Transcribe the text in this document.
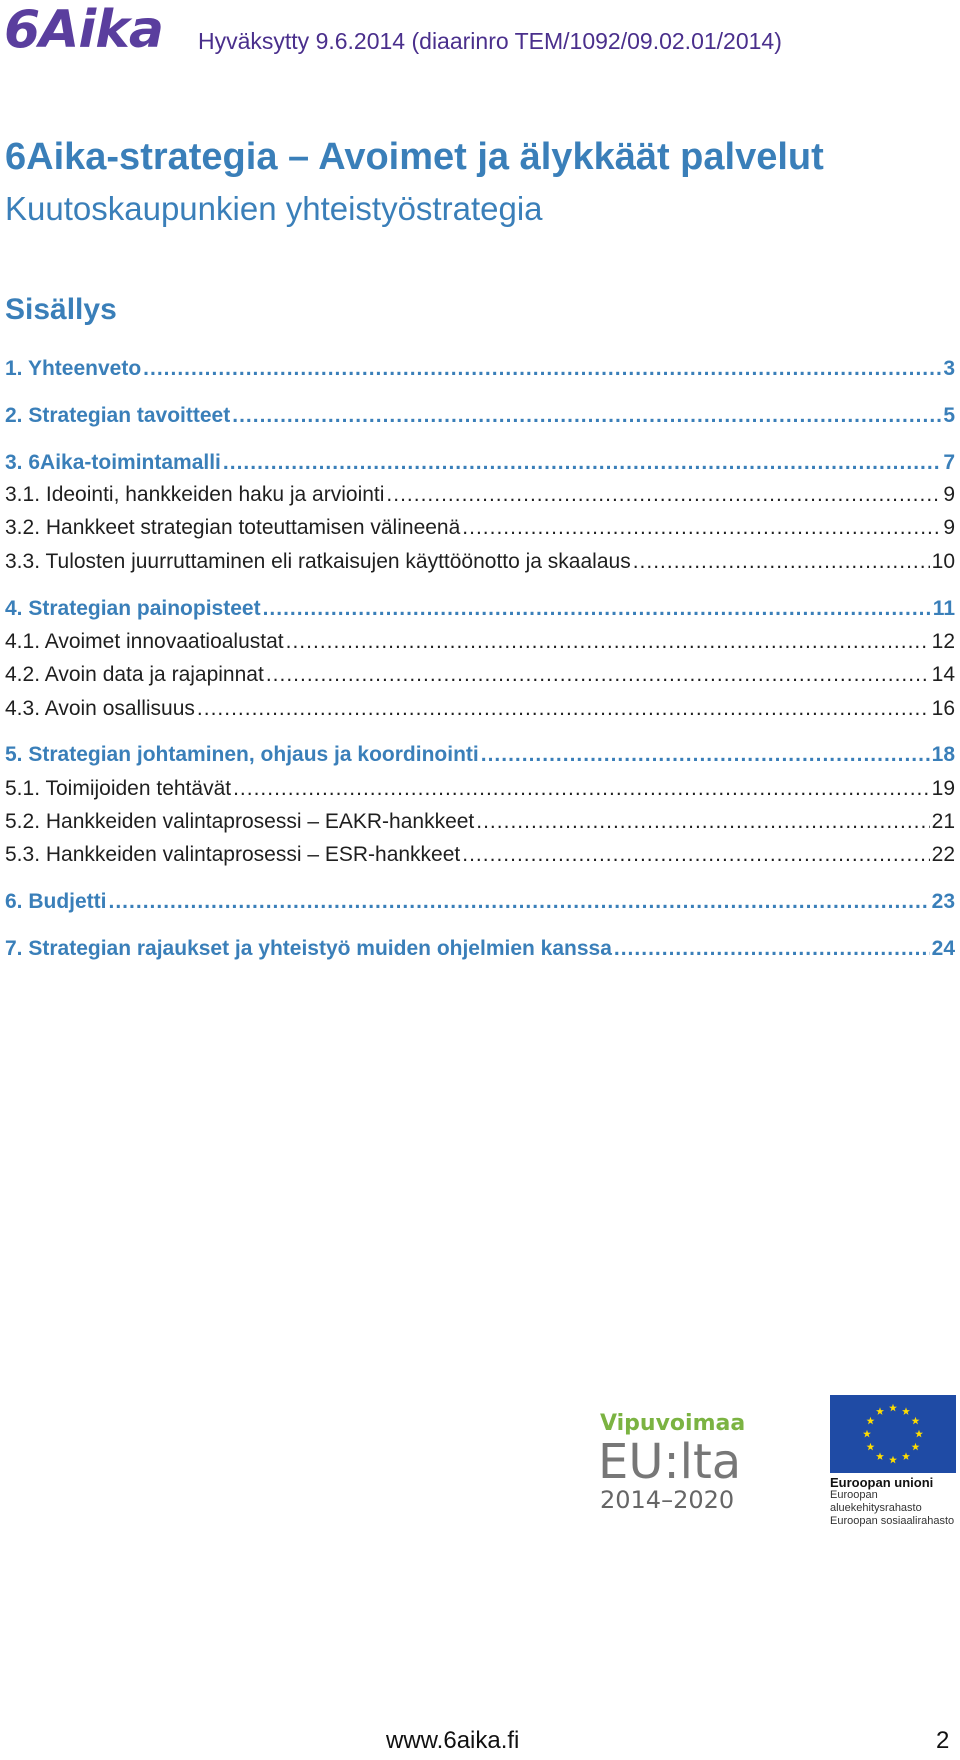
6Aika Hyväksytty 9.6.2014 (diaarinro TEM/1092/09.02.01/2014)
6Aika-strategia – Avoimet ja älykkäät palvelut
Kuutoskaupunkien yhteistyöstrategia
Sisällys
1. Yhteenveto .....	3
2. Strategian tavoitteet .....	5
3. 6Aika-toimintamalli .....	7
3.1. Ideointi, hankkeiden haku ja arviointi .....	9
3.2. Hankkeet strategian toteuttamisen välineenä .....	9
3.3. Tulosten juurruttaminen eli ratkaisujen käyttöönotto ja skaalaus .....	10
4. Strategian painopisteet .....	11
4.1. Avoimet innovaatioalustat .....	12
4.2. Avoin data ja rajapinnat .....	14
4.3. Avoin osallisuus .....	16
5. Strategian johtaminen, ohjaus ja koordinointi .....	18
5.1. Toimijoiden tehtävät .....	19
5.2. Hankkeiden valintaprosessi – EAKR-hankkeet .....	21
5.3. Hankkeiden valintaprosessi – ESR-hankkeet .....	22
6. Budjetti .....	23
7. Strategian rajaukset ja yhteistyö muiden ohjelmien kanssa .....	24
Vipuvoimaa
EU:lta
2014–2020
Euroopan unioni
Euroopan aluekehitysrahasto
Euroopan sosiaalirahasto
www.6aika.fi	2
